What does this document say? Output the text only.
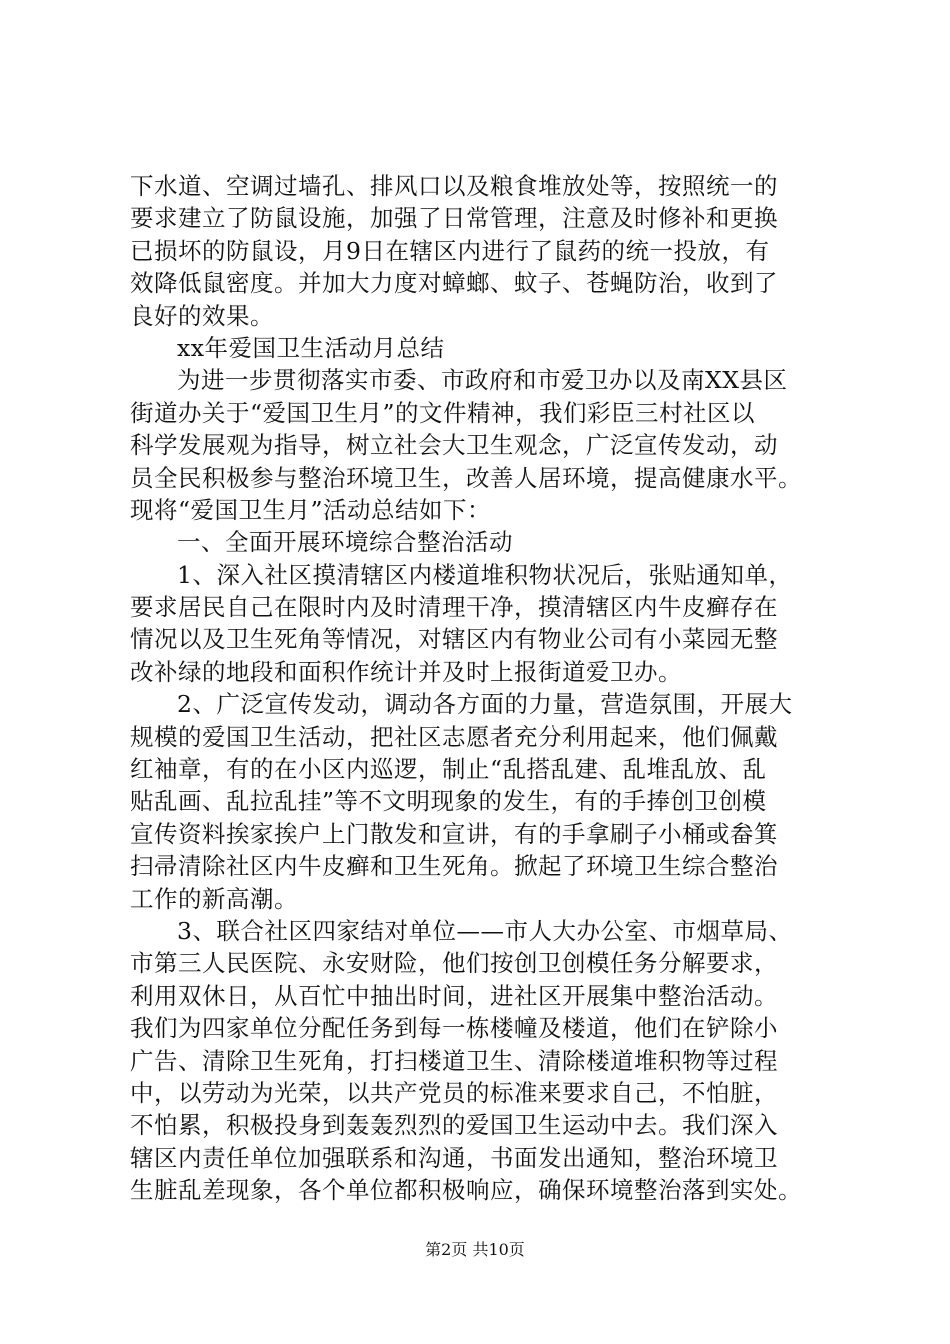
下水道、空调过墙孔、排风口以及粮食堆放处等，按照统一的
要求建立了防鼠设施，加强了日常管理，注意及时修补和更换
已损坏的防鼠设，月9日在辖区内进行了鼠药的统一投放，有
效降低鼠密度。并加大力度对蟑螂、蚊子、苍蝇防治，收到了
良好的效果。
xx年爱国卫生活动月总结
为进一步贯彻落实市委、市政府和市爱卫办以及南XX县区
街道办关于“爱国卫生月”的文件精神，我们彩臣三村社区以
科学发展观为指导，树立社会大卫生观念，广泛宣传发动，动
员全民积极参与整治环境卫生，改善人居环境，提高健康水平。
现将“爱国卫生月”活动总结如下：
一、全面开展环境综合整治活动
1、深入社区摸清辖区内楼道堆积物状况后，张贴通知单，
要求居民自己在限时内及时清理干净，摸清辖区内牛皮癣存在
情况以及卫生死角等情况，对辖区内有物业公司有小菜园无整
改补绿的地段和面积作统计并及时上报街道爱卫办。
2、广泛宣传发动，调动各方面的力量，营造氛围，开展大
规模的爱国卫生活动，把社区志愿者充分利用起来，他们佩戴
红袖章，有的在小区内巡逻，制止“乱搭乱建、乱堆乱放、乱
贴乱画、乱拉乱挂”等不文明现象的发生，有的手捧创卫创模
宣传资料挨家挨户上门散发和宣讲，有的手拿刷子小桶或畚箕
扫帚清除社区内牛皮癣和卫生死角。掀起了环境卫生综合整治
工作的新高潮。
3、联合社区四家结对单位——市人大办公室、市烟草局、
市第三人民医院、永安财险，他们按创卫创模任务分解要求，
利用双休日，从百忙中抽出时间，进社区开展集中整治活动。
我们为四家单位分配任务到每一栋楼幢及楼道，他们在铲除小
广告、清除卫生死角，打扫楼道卫生、清除楼道堆积物等过程
中，以劳动为光荣，以共产党员的标准来要求自己，不怕脏，
不怕累，积极投身到轰轰烈烈的爱国卫生运动中去。我们深入
辖区内责任单位加强联系和沟通，书面发出通知，整治环境卫
生脏乱差现象，各个单位都积极响应，确保环境整治落到实处。
第2页 共10页
